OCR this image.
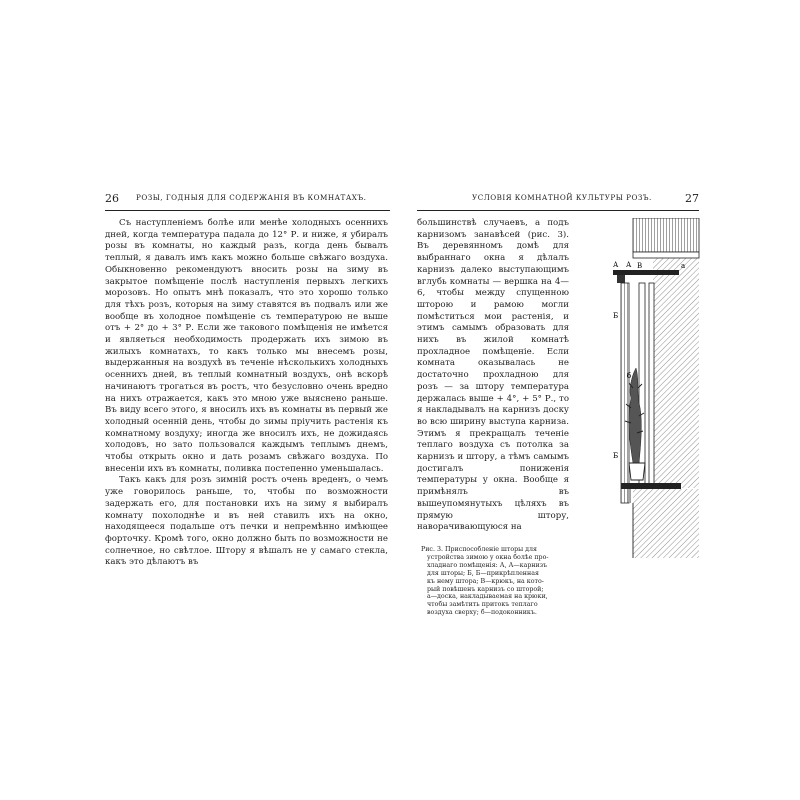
26 РОЗЫ, ГОДНЫЯ ДЛЯ СОДЕРЖАНІЯ ВЪ КОМНАТАХЪ.

Съ наступленіемъ болѣе или менѣе холодныхъ осеннихъ дней, когда температура падала до 12° Р. и ниже, я убиралъ розы въ комнаты, но каждый разъ, когда день бывалъ теплый, я давалъ имъ какъ можно больше свѣжаго воздуха. Обыкновенно рекомендуютъ вносить розы на зиму въ закрытое помѣщеніе послѣ наступленія первыхъ легкихъ морозовъ. Но опытъ мнѣ показалъ, что это хорошо только для тѣхъ розъ, которыя на зиму ставятся въ подвалъ или же вообще въ холодное помѣщеніе съ температурою не выше отъ + 2° до + 3° Р. Если же такового помѣщенія не имѣется и являеться необходимость продержать ихъ зимою въ жилыхъ комнатахъ, то какъ только мы внесемъ розы, выдержанныя на воздухѣ въ теченіе нѣсколькихъ холодныхъ осеннихъ дней, въ теплый комнатный воздухъ, онѣ вскорѣ начинаютъ трогаться въ ростъ, что безусловно очень вредно на нихъ отражается, какъ это мною уже выяснено раньше. Въ виду всего этого, я вносилъ ихъ въ комнаты въ первый же холодный осенній день, чтобы до зимы пріучить растенія къ комнатному воздуху; иногда же вносилъ ихъ, не дожидаясь холодовъ, но зато пользовался каждымъ теплымъ днемъ, чтобы открыть окно и дать розамъ свѣжаго воздуха. По внесеніи ихъ въ комнаты, поливка постепенно уменьшалась.

Такъ какъ для розъ зимній ростъ очень вреденъ, о чемъ уже говорилось раньше, то, чтобы по возможности задержать его, для постановки ихъ на зиму я выбиралъ комнату похолоднѣе и въ ней ставилъ ихъ на окно, находящееся подальше отъ печки и непремѣнно имѣющее форточку. Кромѣ того, окно должно быть по возможности не солнечное, но свѣтлое. Штору я вѣшалъ не у самаго стекла, какъ это дѣлаютъ въ

УСЛОВІЯ КОМНАТНОЙ КУЛЬТУРЫ РОЗЪ.	27

большинствѣ случаевъ, а подъ карнизомъ занавѣсей (рис. 3). Въ деревянномъ домѣ для выбраннаго окна я дѣлалъ карнизъ далеко выступающимъ вглубь комнаты — вершка на 4—6, чтобы между спущенною шторою и рамою могли помѣститься мои растенія, и этимъ самымъ образовать для нихъ въ жилой комнатѣ прохладное помѣщеніе. Если комната оказывалась не достаточно прохладною для розъ — за штору температура держалась выше + 4°, + 5° Р., то я накладывалъ на карнизъ доску во всю ширину выступа карниза. Этимъ я прекращалъ теченіе теплаго воздуха съ потолка за карнизъ и штору, а тѣмъ самымъ достигалъ пониженія температуры у окна. Вообще я примѣнялъ въ вышеупомянутыхъ цѣляхъ въ прямую штору, наворачивающуюся на

Рис. 3. Приспособленіе шторы для
устройства зимою у окна болѣе про-
хладнаго помѣщенія: А, А—карнизъ
для шторы; Б, Б—прикрѣпленная
къ нему штора; В—крюкъ, на кото-
рый повѣшенъ карнизъ со шторой;
а—доска, накладываемая на крюки,
чтобы замѣтить притокъ теплаго
воздуха сверху; б—подоконникъ.
А А	а
В
Б
Б
б
